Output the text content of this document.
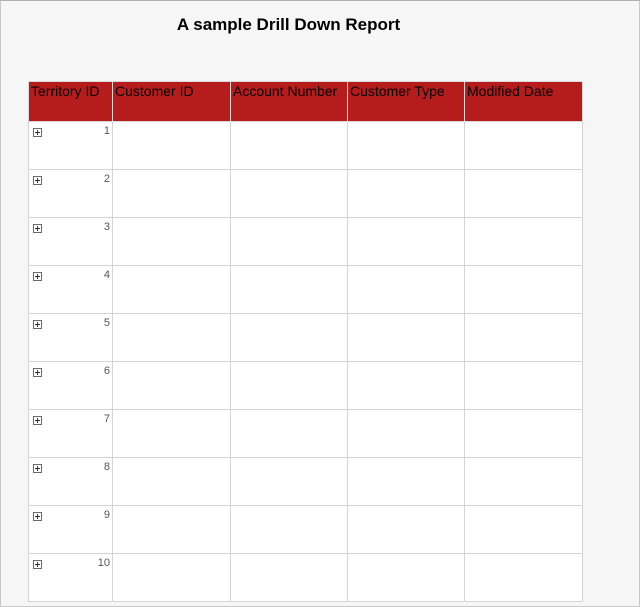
A sample Drill Down Report
Territory ID	Customer ID	Account Number	Customer Type	Modified Date

1				

2				

3				

4				

5				

6				

7				

8				

9				

10				
